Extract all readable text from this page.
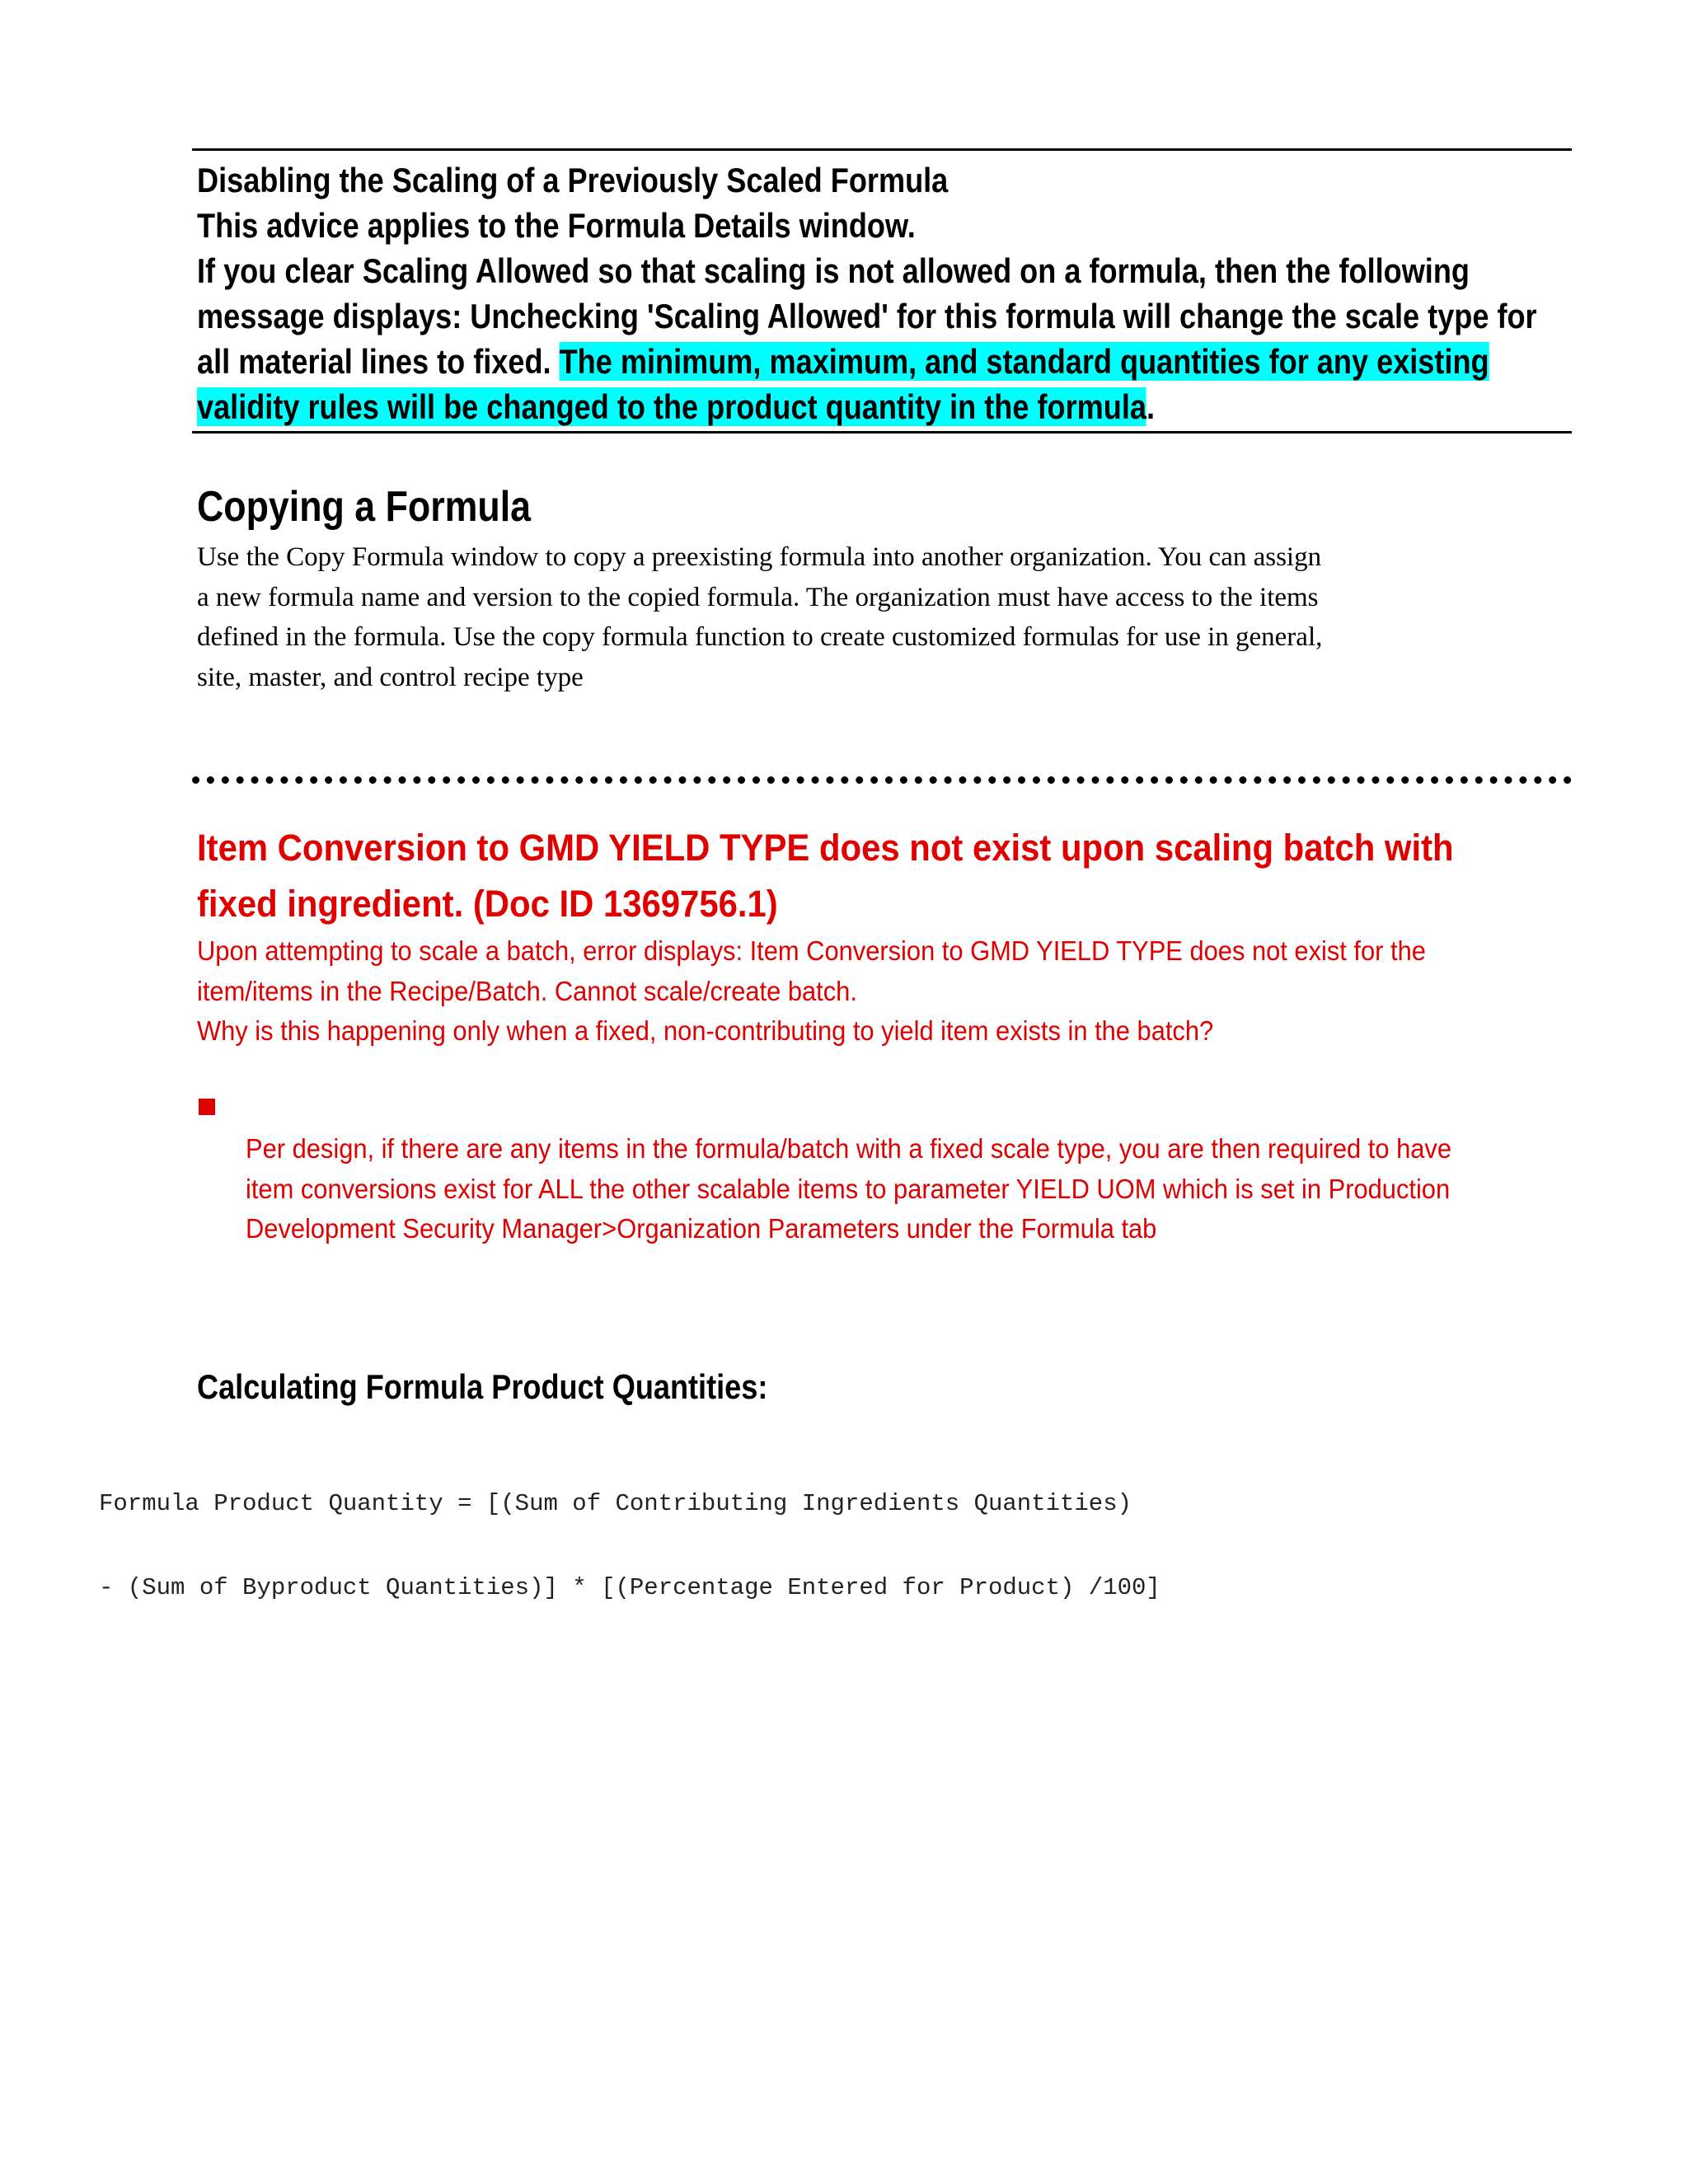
Disabling the Scaling of a Previously Scaled Formula

This advice applies to the Formula Details window.

If you clear Scaling Allowed so that scaling is not allowed on a formula, then the following message displays: Unchecking 'Scaling Allowed' for this formula will change the scale type for all material lines to fixed. The minimum, maximum, and standard quantities for any existing validity rules will be changed to the product quantity in the formula.

Copying a Formula

Use the Copy Formula window to copy a preexisting formula into another organization. You can assign a new formula name and version to the copied formula. The organization must have access to the items defined in the formula. Use the copy formula function to create customized formulas for use in general, site, master, and control recipe type

Item Conversion to GMD YIELD TYPE does not exist upon scaling batch with fixed ingredient. (Doc ID 1369756.1)
Upon attempting to scale a batch, error displays: Item Conversion to GMD YIELD TYPE does not exist for the item/items in the Recipe/Batch. Cannot scale/create batch.
Why is this happening only when a fixed, non-contributing to yield item exists in the batch?

Per design, if there are any items in the formula/batch with a fixed scale type, you are then required to have item conversions exist for ALL the other scalable items to parameter YIELD UOM which is set in Production Development Security Manager>Organization Parameters under the Formula tab

Calculating Formula Product Quantities:

Formula Product Quantity = [(Sum of Contributing Ingredients Quantities)

- (Sum of Byproduct Quantities)] * [(Percentage Entered for Product) /100]
